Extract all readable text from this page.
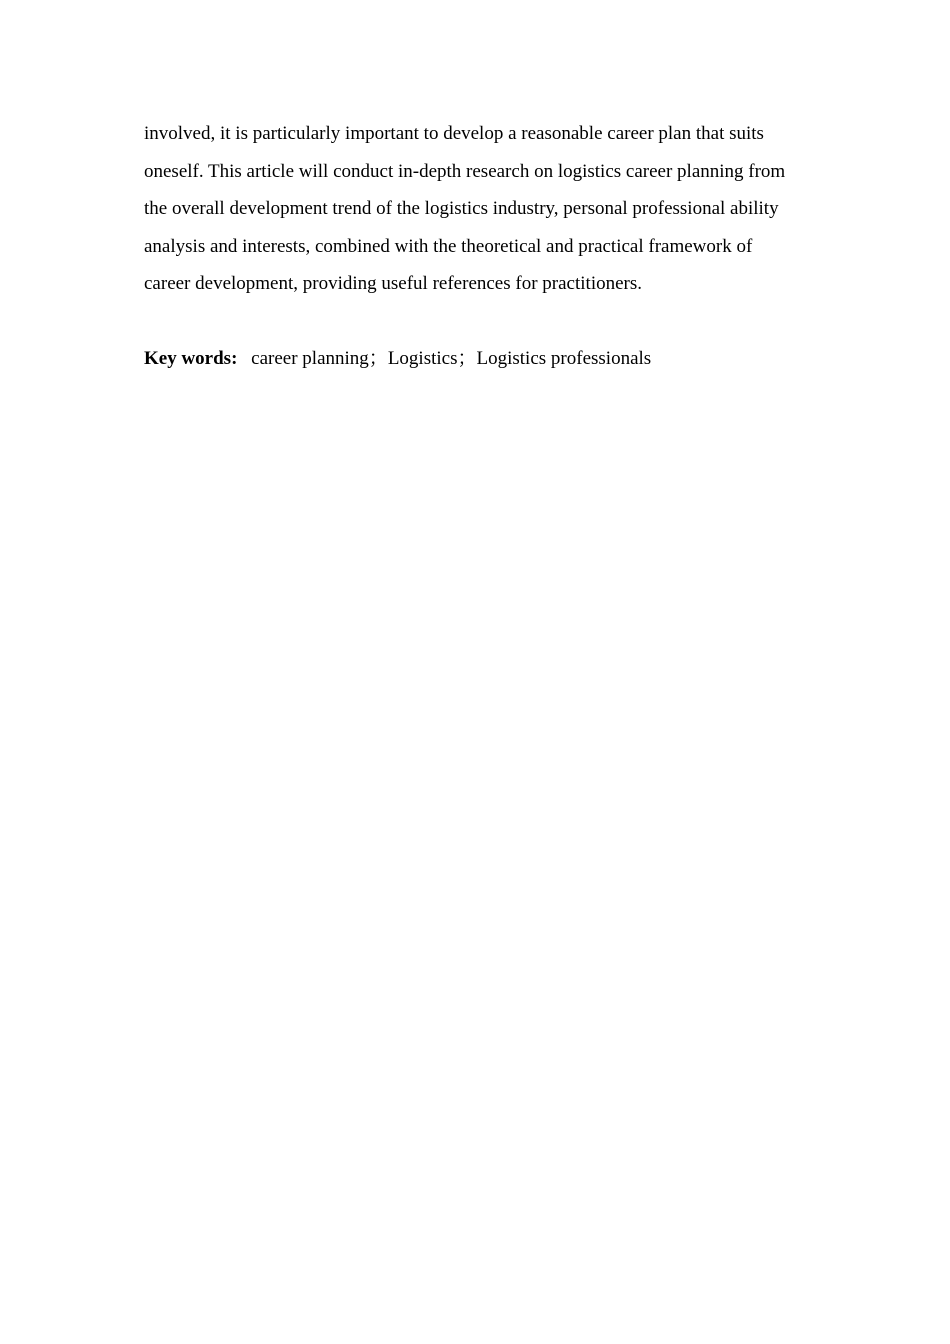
involved, it is particularly important to develop a reasonable career plan that suits
oneself. This article will conduct in-depth research on logistics career planning from
the overall development trend of the logistics industry, personal professional ability
analysis and interests, combined with the theoretical and practical framework of
career development, providing useful references for practitioners.
Key words: career planning；Logistics；Logistics professionals
